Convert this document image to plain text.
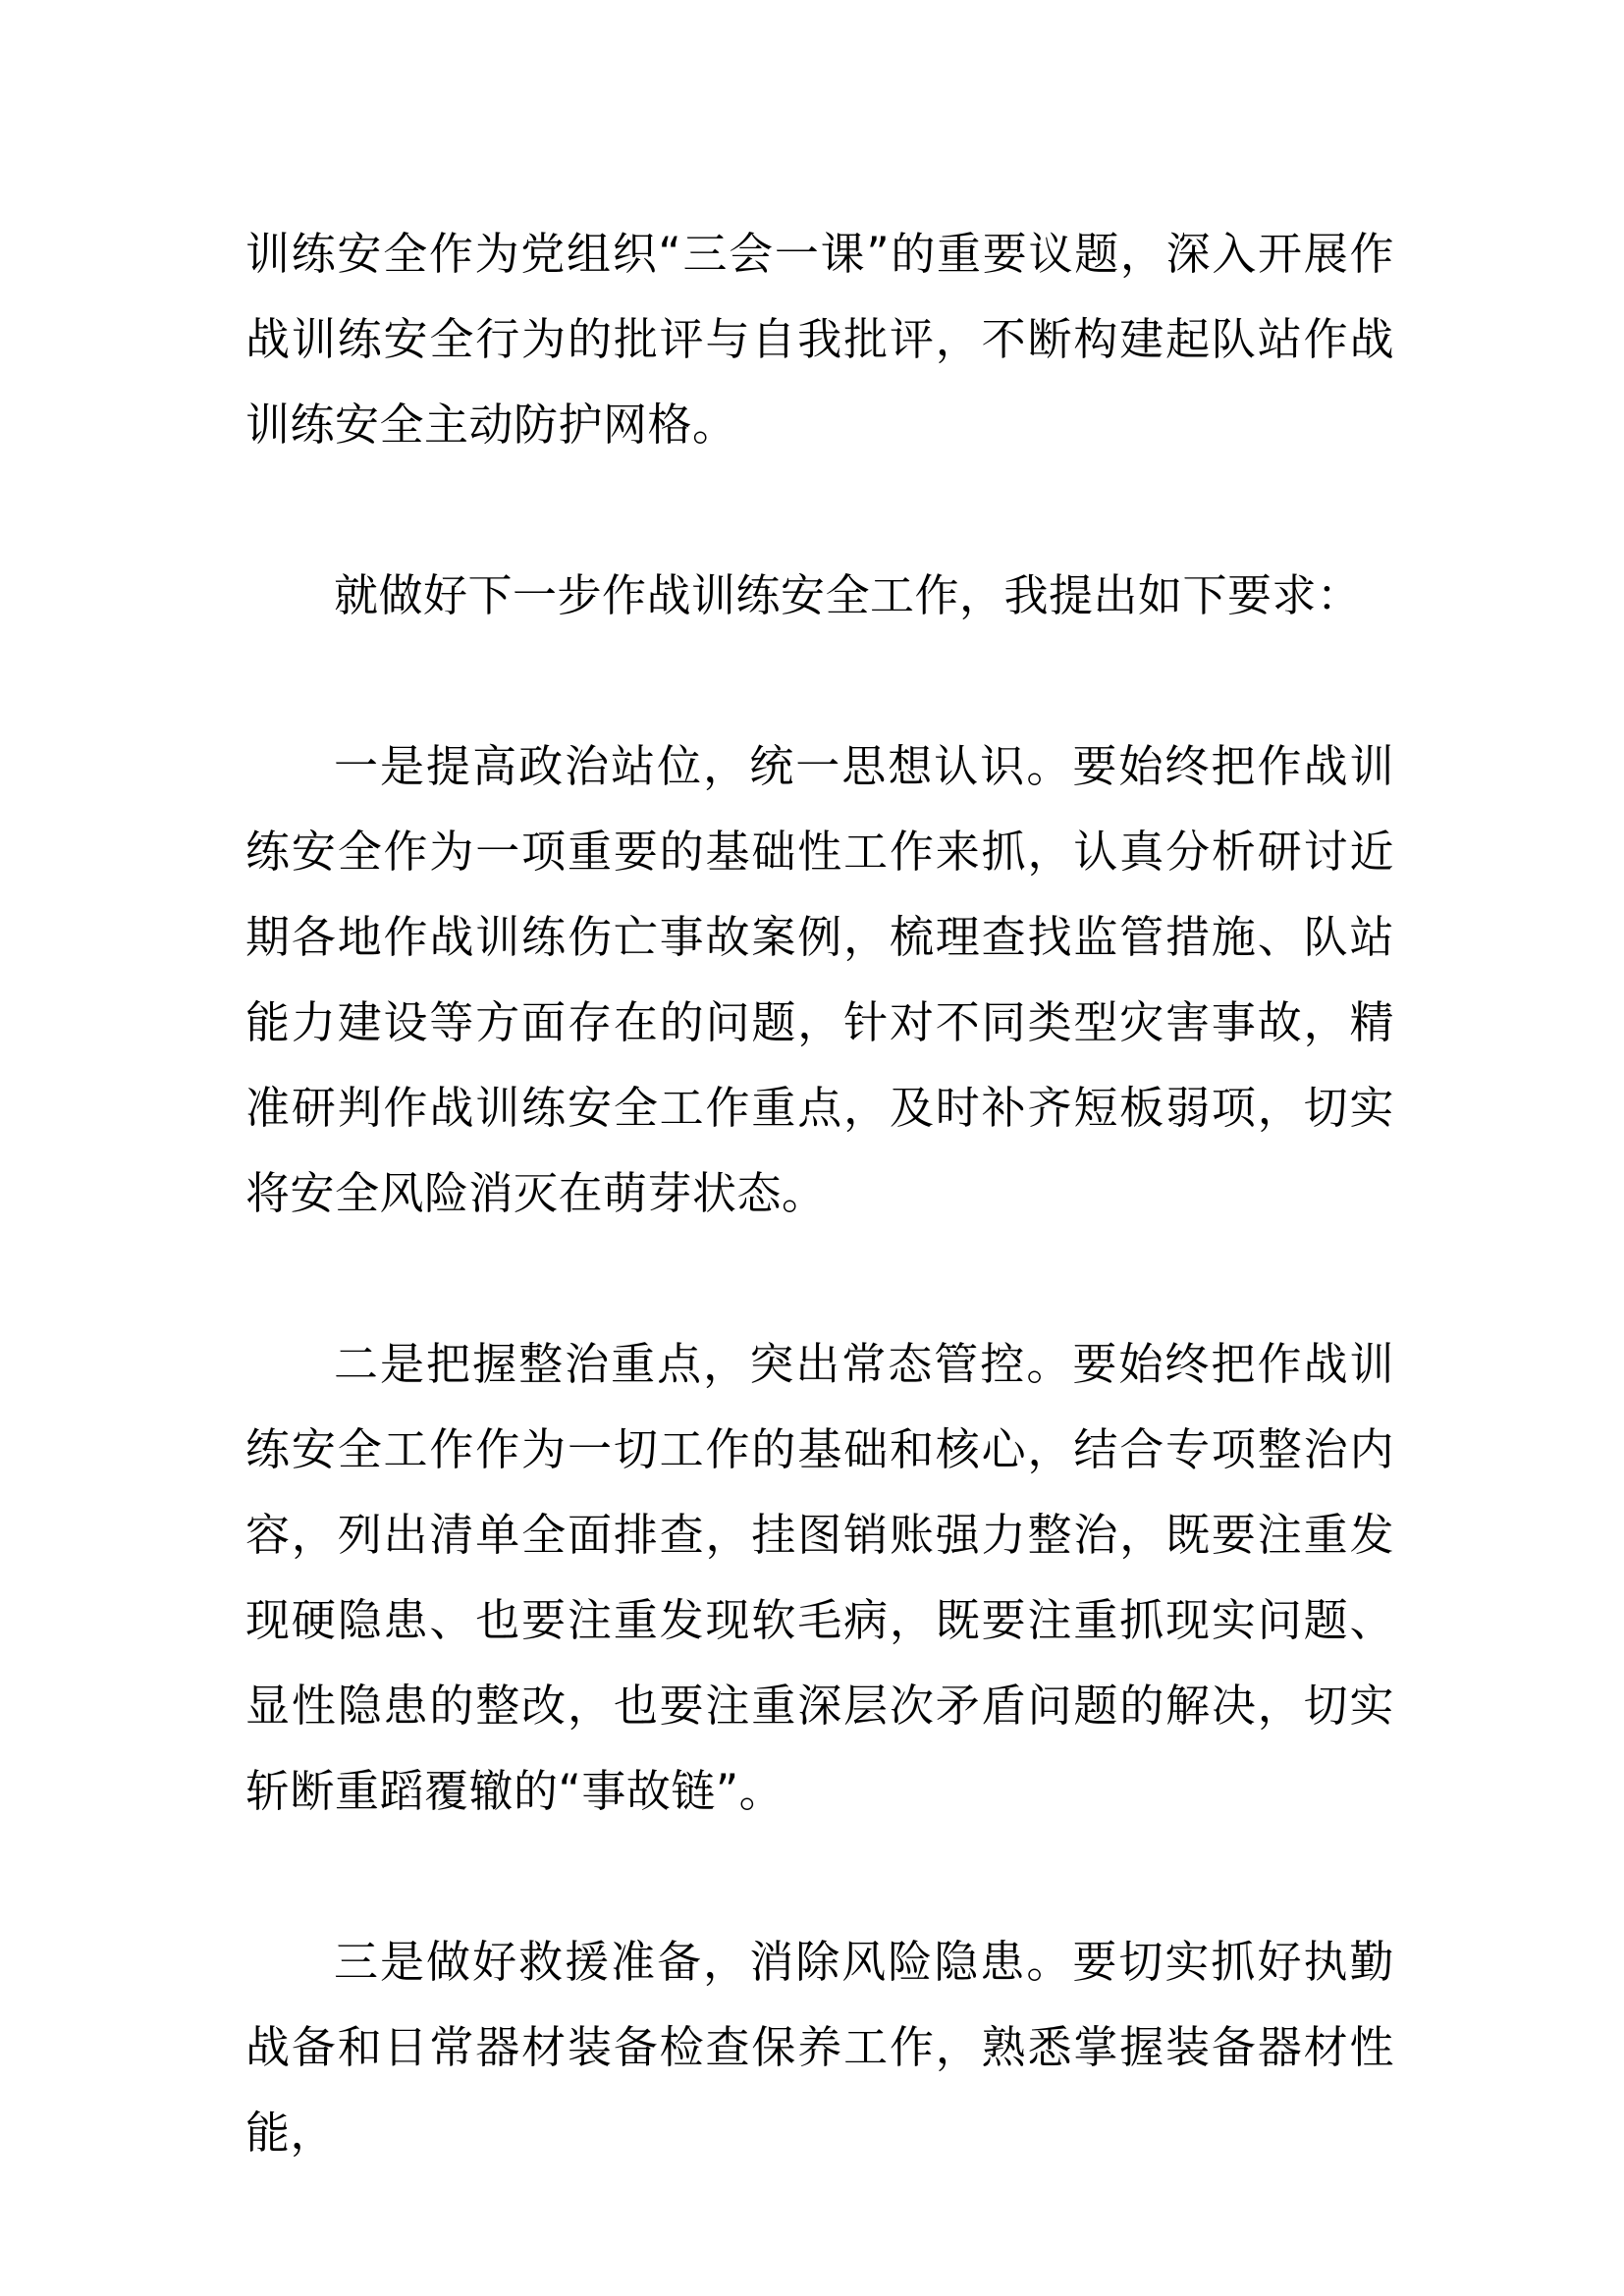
训练安全作为党组织“三会一课”的重要议题，深入开展作战训练安全行为的批评与自我批评，不断构建起队站作战训练安全主动防护网格。

就做好下一步作战训练安全工作，我提出如下要求：

一是提高政治站位，统一思想认识。要始终把作战训练安全作为一项重要的基础性工作来抓，认真分析研讨近期各地作战训练伤亡事故案例，梳理查找监管措施、队站能力建设等方面存在的问题，针对不同类型灾害事故，精准研判作战训练安全工作重点，及时补齐短板弱项，切实将安全风险消灭在萌芽状态。

二是把握整治重点，突出常态管控。要始终把作战训练安全工作作为一切工作的基础和核心，结合专项整治内容，列出清单全面排查，挂图销账强力整治，既要注重发现硬隐患、也要注重发现软毛病，既要注重抓现实问题、显性隐患的整改，也要注重深层次矛盾问题的解决，切实斩断重蹈覆辙的“事故链”。

三是做好救援准备，消除风险隐患。要切实抓好执勤战备和日常器材装备检查保养工作，熟悉掌握装备器材性能，
